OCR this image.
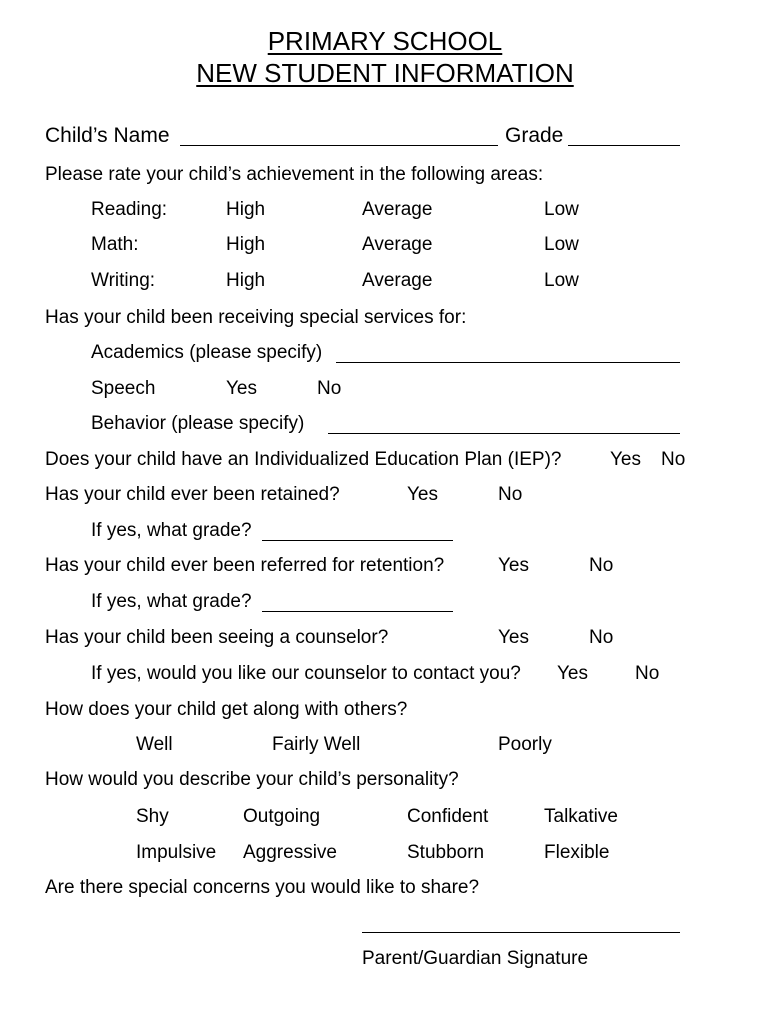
PRIMARY SCHOOL
NEW STUDENT INFORMATION
Child’s Name	Grade
Please rate your child’s achievement in the following areas:
Reading:	High	Average	Low
Math:	High	Average	Low
Writing:	High	Average	Low
Has your child been receiving special services for:
Academics (please specify)
Speech	Yes	No
Behavior (please specify)
Does your child have an Individualized Education Plan (IEP)?	Yes No
Has your child ever been retained?	Yes	No
If yes, what grade?
Has your child ever been referred for retention?	Yes	No
If yes, what grade?
Has your child been seeing a counselor?	Yes	No
If yes, would you like our counselor to contact you? Yes No
How does your child get along with others?
Well	Fairly Well	Poorly
How would you describe your child’s personality?
Shy	Outgoing	Confident	Talkative
Impulsive Aggressive	Stubborn	Flexible
Are there special concerns you would like to share?
Parent/Guardian Signature
